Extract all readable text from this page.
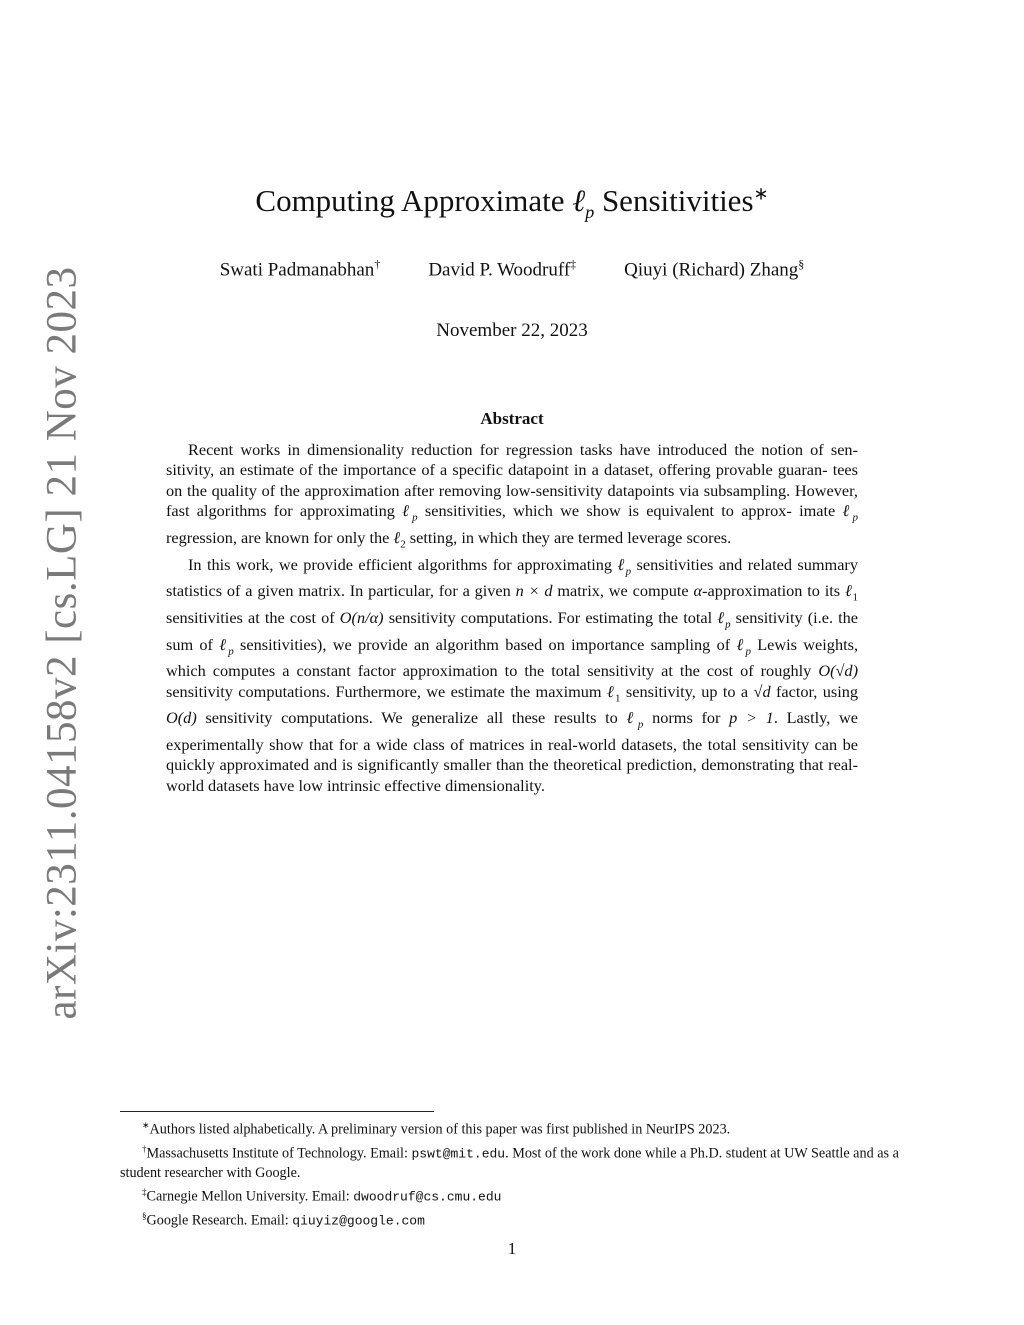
arXiv:2311.04158v2 [cs.LG] 21 Nov 2023
Computing Approximate ℓ$_p$ Sensitivities∗
Swati Padmanabhan†	David P. Woodruff‡	Qiuyi (Richard) Zhang§
November 22, 2023
Abstract

Recent works in dimensionality reduction for regression tasks have introduced the notion of sen- sitivity, an estimate of the importance of a specific datapoint in a dataset, offering provable guaran- tees on the quality of the approximation after removing low-sensitivity datapoints via subsampling. However, fast algorithms for approximating ℓ$_p$ sensitivities, which we show is equivalent to approx- imate ℓ$_p$ regression, are known for only the ℓ$_2$ setting, in which they are termed leverage scores.

In this work, we provide efficient algorithms for approximating ℓ$_p$ sensitivities and related summary statistics of a given matrix. In particular, for a given n × d matrix, we compute α-approximation to its ℓ$_1$ sensitivities at the cost of O(n/α) sensitivity computations. For estimating the total ℓ$_p$ sensitivity (i.e. the sum of ℓ$_p$ sensitivities), we provide an algorithm based on importance sampling of ℓ$_p$ Lewis weights, which computes a constant factor approximation to the total sensitivity at the cost of roughly O(√d) sensitivity computations. Furthermore, we estimate the maximum ℓ$_1$ sensitivity, up to a √d factor, using O(d) sensitivity computations. We generalize all these results to ℓ$_p$ norms for p > 1. Lastly, we experimentally show that for a wide class of matrices in real-world datasets, the total sensitivity can be quickly approximated and is significantly smaller than the theoretical prediction, demonstrating that real-world datasets have low intrinsic effective dimensionality.

∗Authors listed alphabetically. A preliminary version of this paper was first published in NeurIPS 2023.

†Massachusetts Institute of Technology. Email: pswt@mit.edu. Most of the work done while a Ph.D. student at UW Seattle and as a student researcher with Google.

‡Carnegie Mellon University. Email: dwoodruf@cs.cmu.edu

§Google Research. Email: qiuyiz@google.com

1
